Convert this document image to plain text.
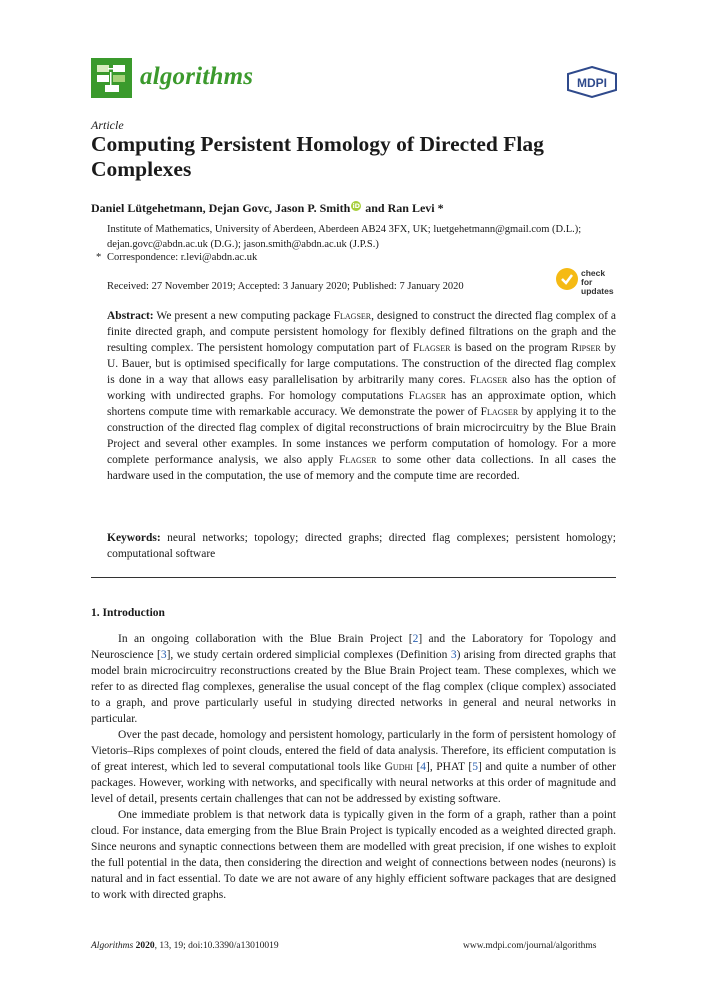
algorithms	MDPI
Article
Computing Persistent Homology of Directed Flag Complexes
Daniel Lütgehetmann, Dejan Govc, Jason P. Smith iD and Ran Levi *
Institute of Mathematics, University of Aberdeen, Aberdeen AB24 3FX, UK; luetgehetmann@gmail.com (D.L.);
dejan.govc@abdn.ac.uk (D.G.); jason.smith@abdn.ac.uk (J.P.S.)
* Correspondence: r.levi@abdn.ac.uk
Received: 27 November 2019; Accepted: 3 January 2020; Published: 7 January 2020
check for
updates
Abstract: We present a new computing package Flagser, designed to construct the directed flag complex of a finite directed graph, and compute persistent homology for flexibly defined filtrations on the graph and the resulting complex. The persistent homology computation part of Flagser is based on the program Ripser by U. Bauer, but is optimised specifically for large computations. The construction of the directed flag complex is done in a way that allows easy parallelisation by arbitrarily many cores. Flagser also has the option of working with undirected graphs. For homology computations Flagser has an approximate option, which shortens compute time with remarkable accuracy. We demonstrate the power of Flagser by applying it to the construction of the directed flag complex of digital reconstructions of brain microcircuitry by the Blue Brain Project and several other examples. In some instances we perform computation of homology. For a more complete performance analysis, we also apply Flagser to some other data collections. In all cases the hardware used in the computation, the use of memory and the compute time are recorded.
Keywords: neural networks; topology; directed graphs; directed flag complexes; persistent homology; computational software
1. Introduction

In an ongoing collaboration with the Blue Brain Project [2] and the Laboratory for Topology and Neuroscience [3], we study certain ordered simplicial complexes (Definition 3) arising from directed graphs that model brain microcircuitry reconstructions created by the Blue Brain Project team. These complexes, which we refer to as directed flag complexes, generalise the usual concept of the flag complex (clique complex) associated to a graph, and prove particularly useful in studying directed networks in general and neural networks in particular.

Over the past decade, homology and persistent homology, particularly in the form of persistent homology of Vietoris–Rips complexes of point clouds, entered the field of data analysis. Therefore, its efficient computation is of great interest, which led to several computational tools like Gudhi [4], PHAT [5] and quite a number of other packages. However, working with networks, and specifically with neural networks at this order of magnitude and level of detail, presents certain challenges that can not be addressed by existing software.

One immediate problem is that network data is typically given in the form of a graph, rather than a point cloud. For instance, data emerging from the Blue Brain Project is typically encoded as a weighted directed graph. Since neurons and synaptic connections between them are modelled with great precision, if one wishes to exploit the full potential in the data, then considering the direction and weight of connections between nodes (neurons) is natural and in fact essential. To date we are not aware of any highly efficient software packages that are designed to work with directed graphs.

Algorithms 2020, 13, 19; doi:10.3390/a13010019	www.mdpi.com/journal/algorithms
